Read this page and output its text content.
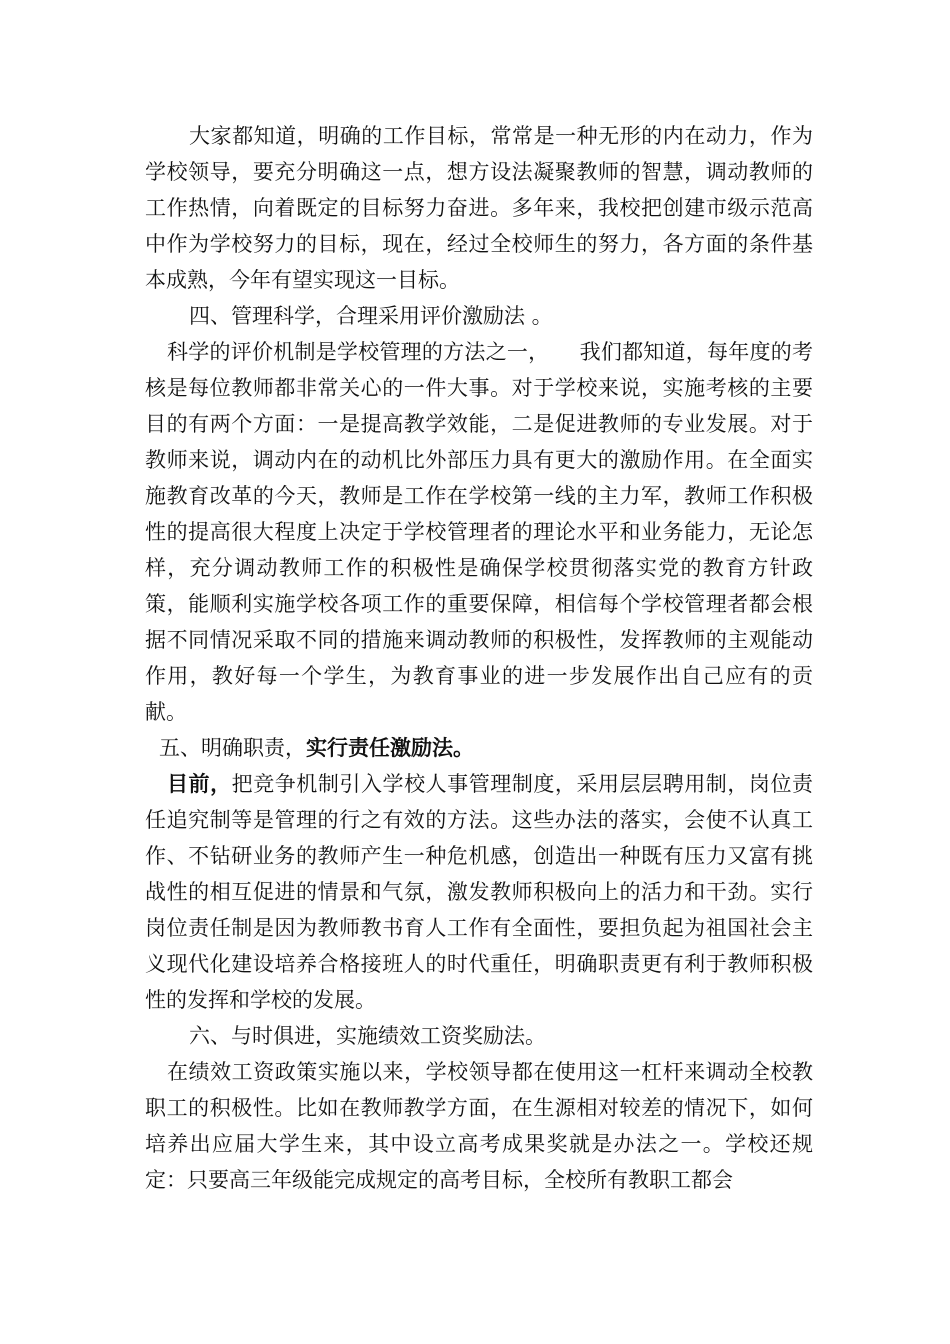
大家都知道，明确的工作目标，常常是一种无形的内在动力，作为学校领导，要充分明确这一点，想方设法凝聚教师的智慧，调动教师的工作热情，向着既定的目标努力奋进。多年来，我校把创建市级示范高中作为学校努力的目标，现在，经过全校师生的努力，各方面的条件基本成熟，今年有望实现这一目标。

四、管理科学，合理采用评价激励法 。

科学的评价机制是学校管理的方法之一， 我们都知道，每年度的考核是每位教师都非常关心的一件大事。对于学校来说，实施考核的主要目的有两个方面：一是提高教学效能，二是促进教师的专业发展。对于教师来说，调动内在的动机比外部压力具有更大的激励作用。在全面实施教育改革的今天，教师是工作在学校第一线的主力军，教师工作积极性的提高很大程度上决定于学校管理者的理论水平和业务能力，无论怎样，充分调动教师工作的积极性是确保学校贯彻落实党的教育方针政策，能顺利实施学校各项工作的重要保障，相信每个学校管理者都会根据不同情况采取不同的措施来调动教师的积极性，发挥教师的主观能动作用，教好每一个学生，为教育事业的进一步发展作出自己应有的贡献。

五、明确职责，实行责任激励法。

目前，把竞争机制引入学校人事管理制度，采用层层聘用制，岗位责任追究制等是管理的行之有效的方法。这些办法的落实，会使不认真工作、不钻研业务的教师产生一种危机感，创造出一种既有压力又富有挑战性的相互促进的情景和气氛，激发教师积极向上的活力和干劲。实行岗位责任制是因为教师教书育人工作有全面性，要担负起为祖国社会主义现代化建设培养合格接班人的时代重任，明确职责更有利于教师积极性的发挥和学校的发展。

六、与时俱进，实施绩效工资奖励法。

在绩效工资政策实施以来，学校领导都在使用这一杠杆来调动全校教职工的积极性。比如在教师教学方面，在生源相对较差的情况下，如何培养出应届大学生来，其中设立高考成果奖就是办法之一。学校还规定：只要高三年级能完成规定的高考目标，全校所有教职工都会
